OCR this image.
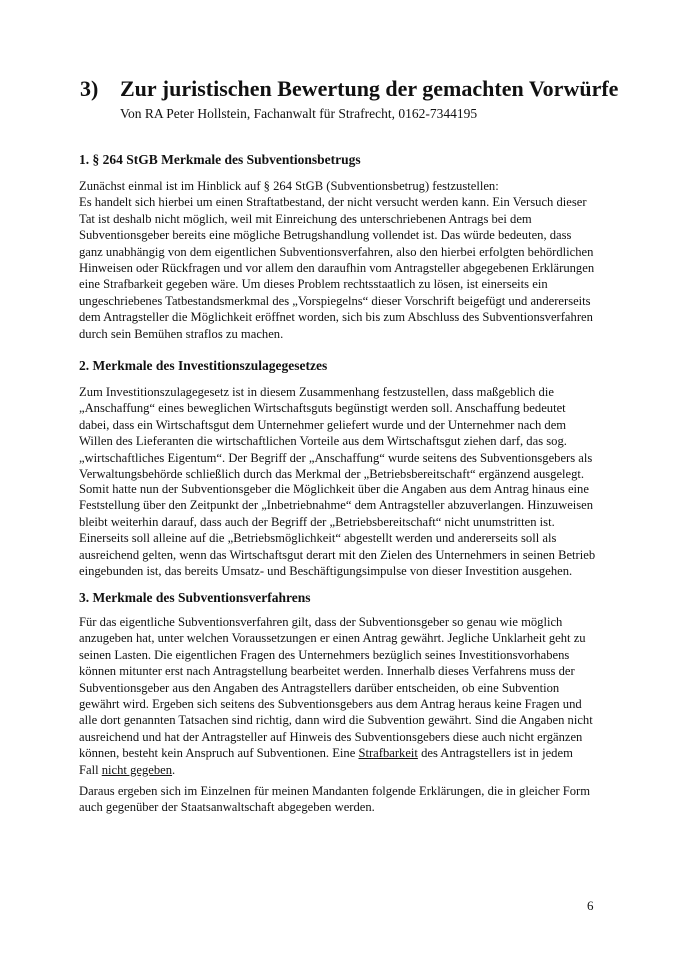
3) Zur juristischen Bewertung der gemachten Vorwürfe
Von RA Peter Hollstein, Fachanwalt für Strafrecht, 0162-7344195
1. § 264 StGB Merkmale des Subventionsbetrugs
Zunächst einmal ist im Hinblick auf § 264 StGB (Subventionsbetrug) festzustellen:
Es handelt sich hierbei um einen Straftatbestand, der nicht versucht werden kann. Ein Versuch dieser
Tat ist deshalb nicht möglich, weil mit Einreichung des unterschriebenen Antrags bei dem
Subventionsgeber bereits eine mögliche Betrugshandlung vollendet ist. Das würde bedeuten, dass
ganz unabhängig von dem eigentlichen Subventionsverfahren, also den hierbei erfolgten behördlichen
Hinweisen oder Rückfragen und vor allem den daraufhin vom Antragsteller abgegebenen Erklärungen
eine Strafbarkeit gegeben wäre. Um dieses Problem rechtsstaatlich zu lösen, ist einerseits ein
ungeschriebenes Tatbestandsmerkmal des „Vorspiegelns“ dieser Vorschrift beigefügt und andererseits
dem Antragsteller die Möglichkeit eröffnet worden, sich bis zum Abschluss des Subventionsverfahren
durch sein Bemühen straflos zu machen.
2. Merkmale des Investitionszulagegesetzes
Zum Investitionszulagegesetz ist in diesem Zusammenhang festzustellen, dass maßgeblich die
„Anschaffung“ eines beweglichen Wirtschaftsguts begünstigt werden soll. Anschaffung bedeutet
dabei, dass ein Wirtschaftsgut dem Unternehmer geliefert wurde und der Unternehmer nach dem
Willen des Lieferanten die wirtschaftlichen Vorteile aus dem Wirtschaftsgut ziehen darf, das sog.
„wirtschaftliches Eigentum“. Der Begriff der „Anschaffung“ wurde seitens des Subventionsgebers als
Verwaltungsbehörde schließlich durch das Merkmal der „Betriebsbereitschaft“ ergänzend ausgelegt.
Somit hatte nun der Subventionsgeber die Möglichkeit über die Angaben aus dem Antrag hinaus eine
Feststellung über den Zeitpunkt der „Inbetriebnahme“ dem Antragsteller abzuverlangen. Hinzuweisen
bleibt weiterhin darauf, dass auch der Begriff der „Betriebsbereitschaft“ nicht unumstritten ist.
Einerseits soll alleine auf die „Betriebsmöglichkeit“ abgestellt werden und andererseits soll als
ausreichend gelten, wenn das Wirtschaftsgut derart mit den Zielen des Unternehmers in seinen Betrieb
eingebunden ist, das bereits Umsatz- und Beschäftigungsimpulse von dieser Investition ausgehen.
3. Merkmale des Subventionsverfahrens
Für das eigentliche Subventionsverfahren gilt, dass der Subventionsgeber so genau wie möglich
anzugeben hat, unter welchen Voraussetzungen er einen Antrag gewährt. Jegliche Unklarheit geht zu
seinen Lasten. Die eigentlichen Fragen des Unternehmers bezüglich seines Investitionsvorhabens
können mitunter erst nach Antragstellung bearbeitet werden. Innerhalb dieses Verfahrens muss der
Subventionsgeber aus den Angaben des Antragstellers darüber entscheiden, ob eine Subvention
gewährt wird. Ergeben sich seitens des Subventionsgebers aus dem Antrag heraus keine Fragen und
alle dort genannten Tatsachen sind richtig, dann wird die Subvention gewährt. Sind die Angaben nicht
ausreichend und hat der Antragsteller auf Hinweis des Subventionsgebers diese auch nicht ergänzen
können, besteht kein Anspruch auf Subventionen. Eine Strafbarkeit des Antragstellers ist in jedem
Fall nicht gegeben.
Daraus ergeben sich im Einzelnen für meinen Mandanten folgende Erklärungen, die in gleicher Form
auch gegenüber der Staatsanwaltschaft abgegeben werden.
6
